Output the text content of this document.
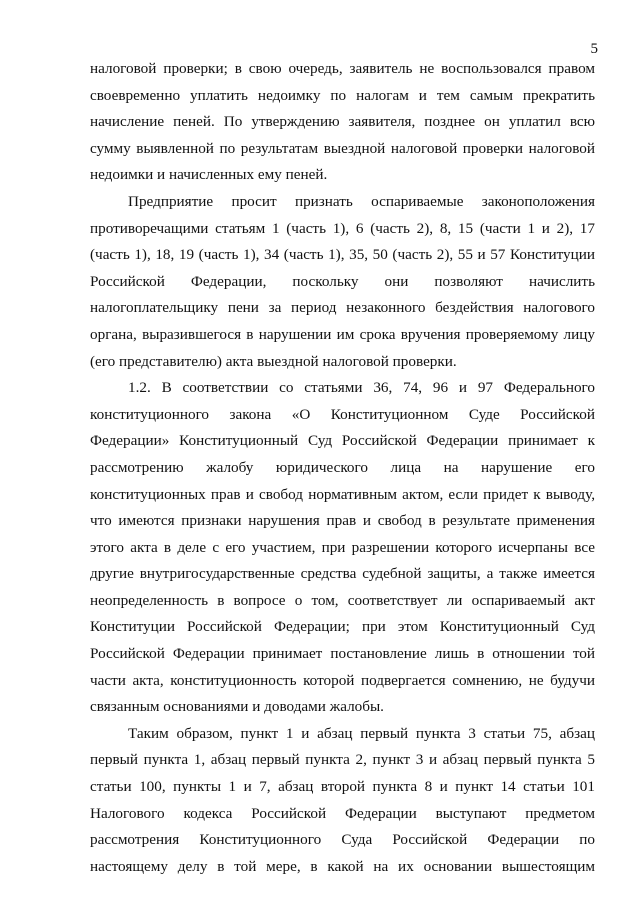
5
налоговой проверки; в свою очередь, заявитель не воспользовался правом
своевременно уплатить недоимку по налогам и тем самым прекратить
начисление пеней. По утверждению заявителя, позднее он уплатил всю
сумму выявленной по результатам выездной налоговой проверки налоговой
недоимки и начисленных ему пеней.
Предприятие просит признать оспариваемые законоположения
противоречащими статьям 1 (часть 1), 6 (часть 2), 8, 15 (части 1 и 2), 17
(часть 1), 18, 19 (часть 1), 34 (часть 1), 35, 50 (часть 2), 55 и 57 Конституции
Российской Федерации, поскольку они позволяют начислить
налогоплательщику пени за период незаконного бездействия налогового
органа, выразившегося в нарушении им срока вручения проверяемому лицу
(его представителю) акта выездной налоговой проверки.
1.2. В соответствии со статьями 36, 74, 96 и 97 Федерального
конституционного закона «О Конституционном Суде Российской
Федерации» Конституционный Суд Российской Федерации принимает к
рассмотрению жалобу юридического лица на нарушение его
конституционных прав и свобод нормативным актом, если придет к выводу,
что имеются признаки нарушения прав и свобод в результате применения
этого акта в деле с его участием, при разрешении которого исчерпаны все
другие внутригосударственные средства судебной защиты, а также имеется
неопределенность в вопросе о том, соответствует ли оспариваемый акт
Конституции Российской Федерации; при этом Конституционный Суд
Российской Федерации принимает постановление лишь в отношении той
части акта, конституционность которой подвергается сомнению, не будучи
связанным основаниями и доводами жалобы.
Таким образом, пункт 1 и абзац первый пункта 3 статьи 75, абзац
первый пункта 1, абзац первый пункта 2, пункт 3 и абзац первый пункта 5
статьи 100, пункты 1 и 7, абзац второй пункта 8 и пункт 14 статьи 101
Налогового кодекса Российской Федерации выступают предметом
рассмотрения Конституционного Суда Российской Федерации по
настоящему делу в той мере, в какой на их основании вышестоящим
